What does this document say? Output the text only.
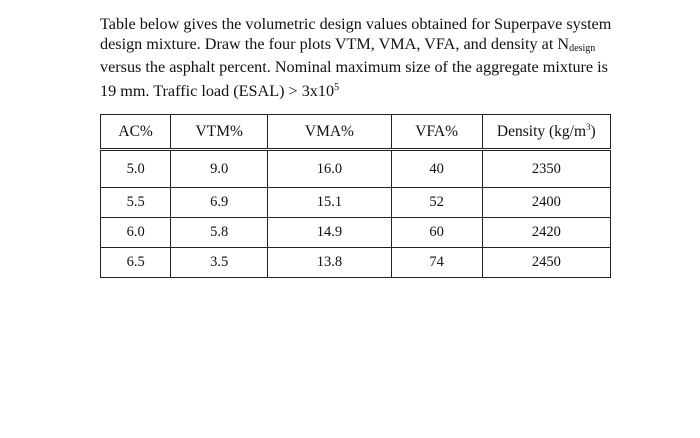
Table below gives the volumetric design values obtained for Superpave system
design mixture. Draw the four plots VTM, VMA, VFA, and density at $N_{design}$
versus the asphalt percent. Nominal maximum size of the aggregate mixture is
19 mm. Traffic load (ESAL) > $3x10^5$
AC%	VTM%	VMA%	VFA%	Density $(kg/m^3)$
5.0	9.0	16.0	40	2350
5.5	6.9	15.1	52	2400
6.0	5.8	14.9	60	2420
6.5	3.5	13.8	74	2450
